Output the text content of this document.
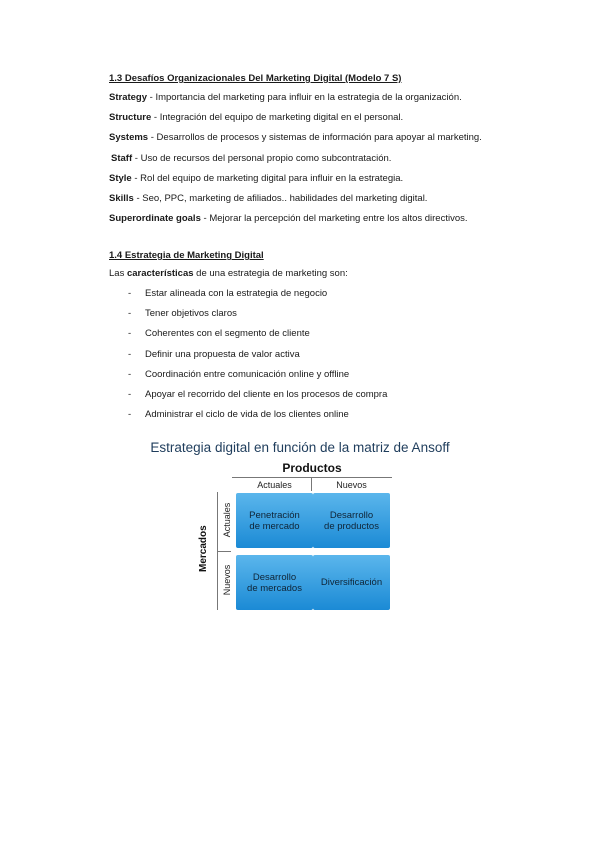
1.3 Desafíos Organizacionales Del Marketing Digital (Modelo 7 S)
Strategy - Importancia del marketing para influir en la estrategia de la organización.
Structure - Integración del equipo de marketing digital en el personal.
Systems - Desarrollos de procesos y sistemas de información para apoyar al marketing.
Staff - Uso de recursos del personal propio como subcontratación.
Style - Rol del equipo de marketing digital para influir en la estrategia.
Skills - Seo, PPC, marketing de afiliados.. habilidades del marketing digital.
Superordinate goals - Mejorar la percepción del marketing entre los altos directivos.
1.4 Estrategia de Marketing Digital
Las características de una estrategia de marketing son:
- Estar alineada con la estrategia de negocio
- Tener objetivos claros
- Coherentes con el segmento de cliente
- Definir una propuesta de valor activa
- Coordinación entre comunicación online y offline
- Apoyar el recorrido del cliente en los procesos de compra
- Administrar el ciclo de vida de los clientes online
Estrategia digital en función de la matriz de Ansoff
Productos
Actuales	Nuevos
Mercados
Actuales
Nuevos
Penetración
de mercado
Desarrollo
de productos
Desarrollo
de mercados	Diversificación
